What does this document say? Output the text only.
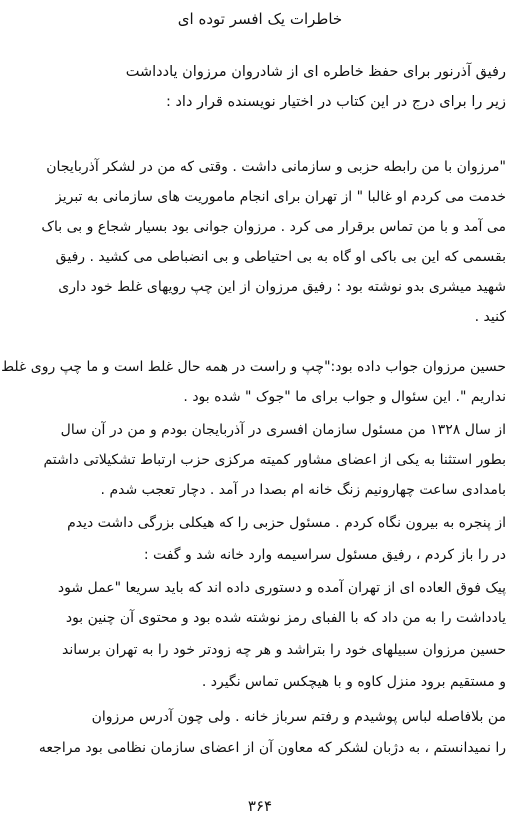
خاطرات یک افسر توده ای
رفیق آذرنور برای حفظ خاطره ای از شادروان مرزوان یادداشت
زیر را برای درج در این کتاب در اختیار نویسنده قرار داد :
"مرزوان با من رابطه حزبی و سازمانی داشت . وقتی که من در لشکر آذربایجان
خدمت می کردم او غالبا " از تهران برای انجام ماموریت های سازمانی به تبریز
می آمد و با من تماس برقرار می کرد . مرزوان جوانی بود بسیار شجاع و بی باک
بقسمی که این بی باکی او گاه به بی احتیاطی و بی انضباطی می کشید . رفیق
شهید میشری بدو نوشته بود : رفیق مرزوان از این چپ رویهای غلط خود داری
کنید .
حسین مرزوان جواب داده بود:"چپ و راست در همه حال غلط است و ما چپ روی غلط
نداریم ". این سئوال و جواب برای ما "جوک " شده بود .
از سال ۱۳۲۸ من مسئول سازمان افسری در آذربایجان بودم و من در آن سال
بطور استثنا به یکی از اعضای مشاور کمیته مرکزی حزب ارتباط تشکیلاتی داشتم
بامدادی ساعت چهارونیم زنگ خانه ام بصدا در آمد . دچار تعجب شدم .
از پنجره به بیرون نگاه کردم . مسئول حزبی را که هیکلی بزرگی داشت دیدم
در را باز کردم ، رفیق مسئول سراسیمه وارد خانه شد و گفت :
پیک فوق العاده ای از تهران آمده و دستوری داده اند که باید سریعا "عمل شود
یادداشت را به من داد که با الفبای رمز نوشته شده بود و محتوی آن چنین بود
حسین مرزوان سبیلهای خود را بتراشد و هر چه زودتر خود را به تهران برساند
و مستقیم برود منزل کاوه و با هیچکس تماس نگیرد .
من بلافاصله لباس پوشیدم و رفتم سرباز خانه . ولی چون آدرس مرزوان
را نمیدانستم ، به دژبان لشکر که معاون آن از اعضای سازمان نظامی بود مراجعه
۳۶۴
